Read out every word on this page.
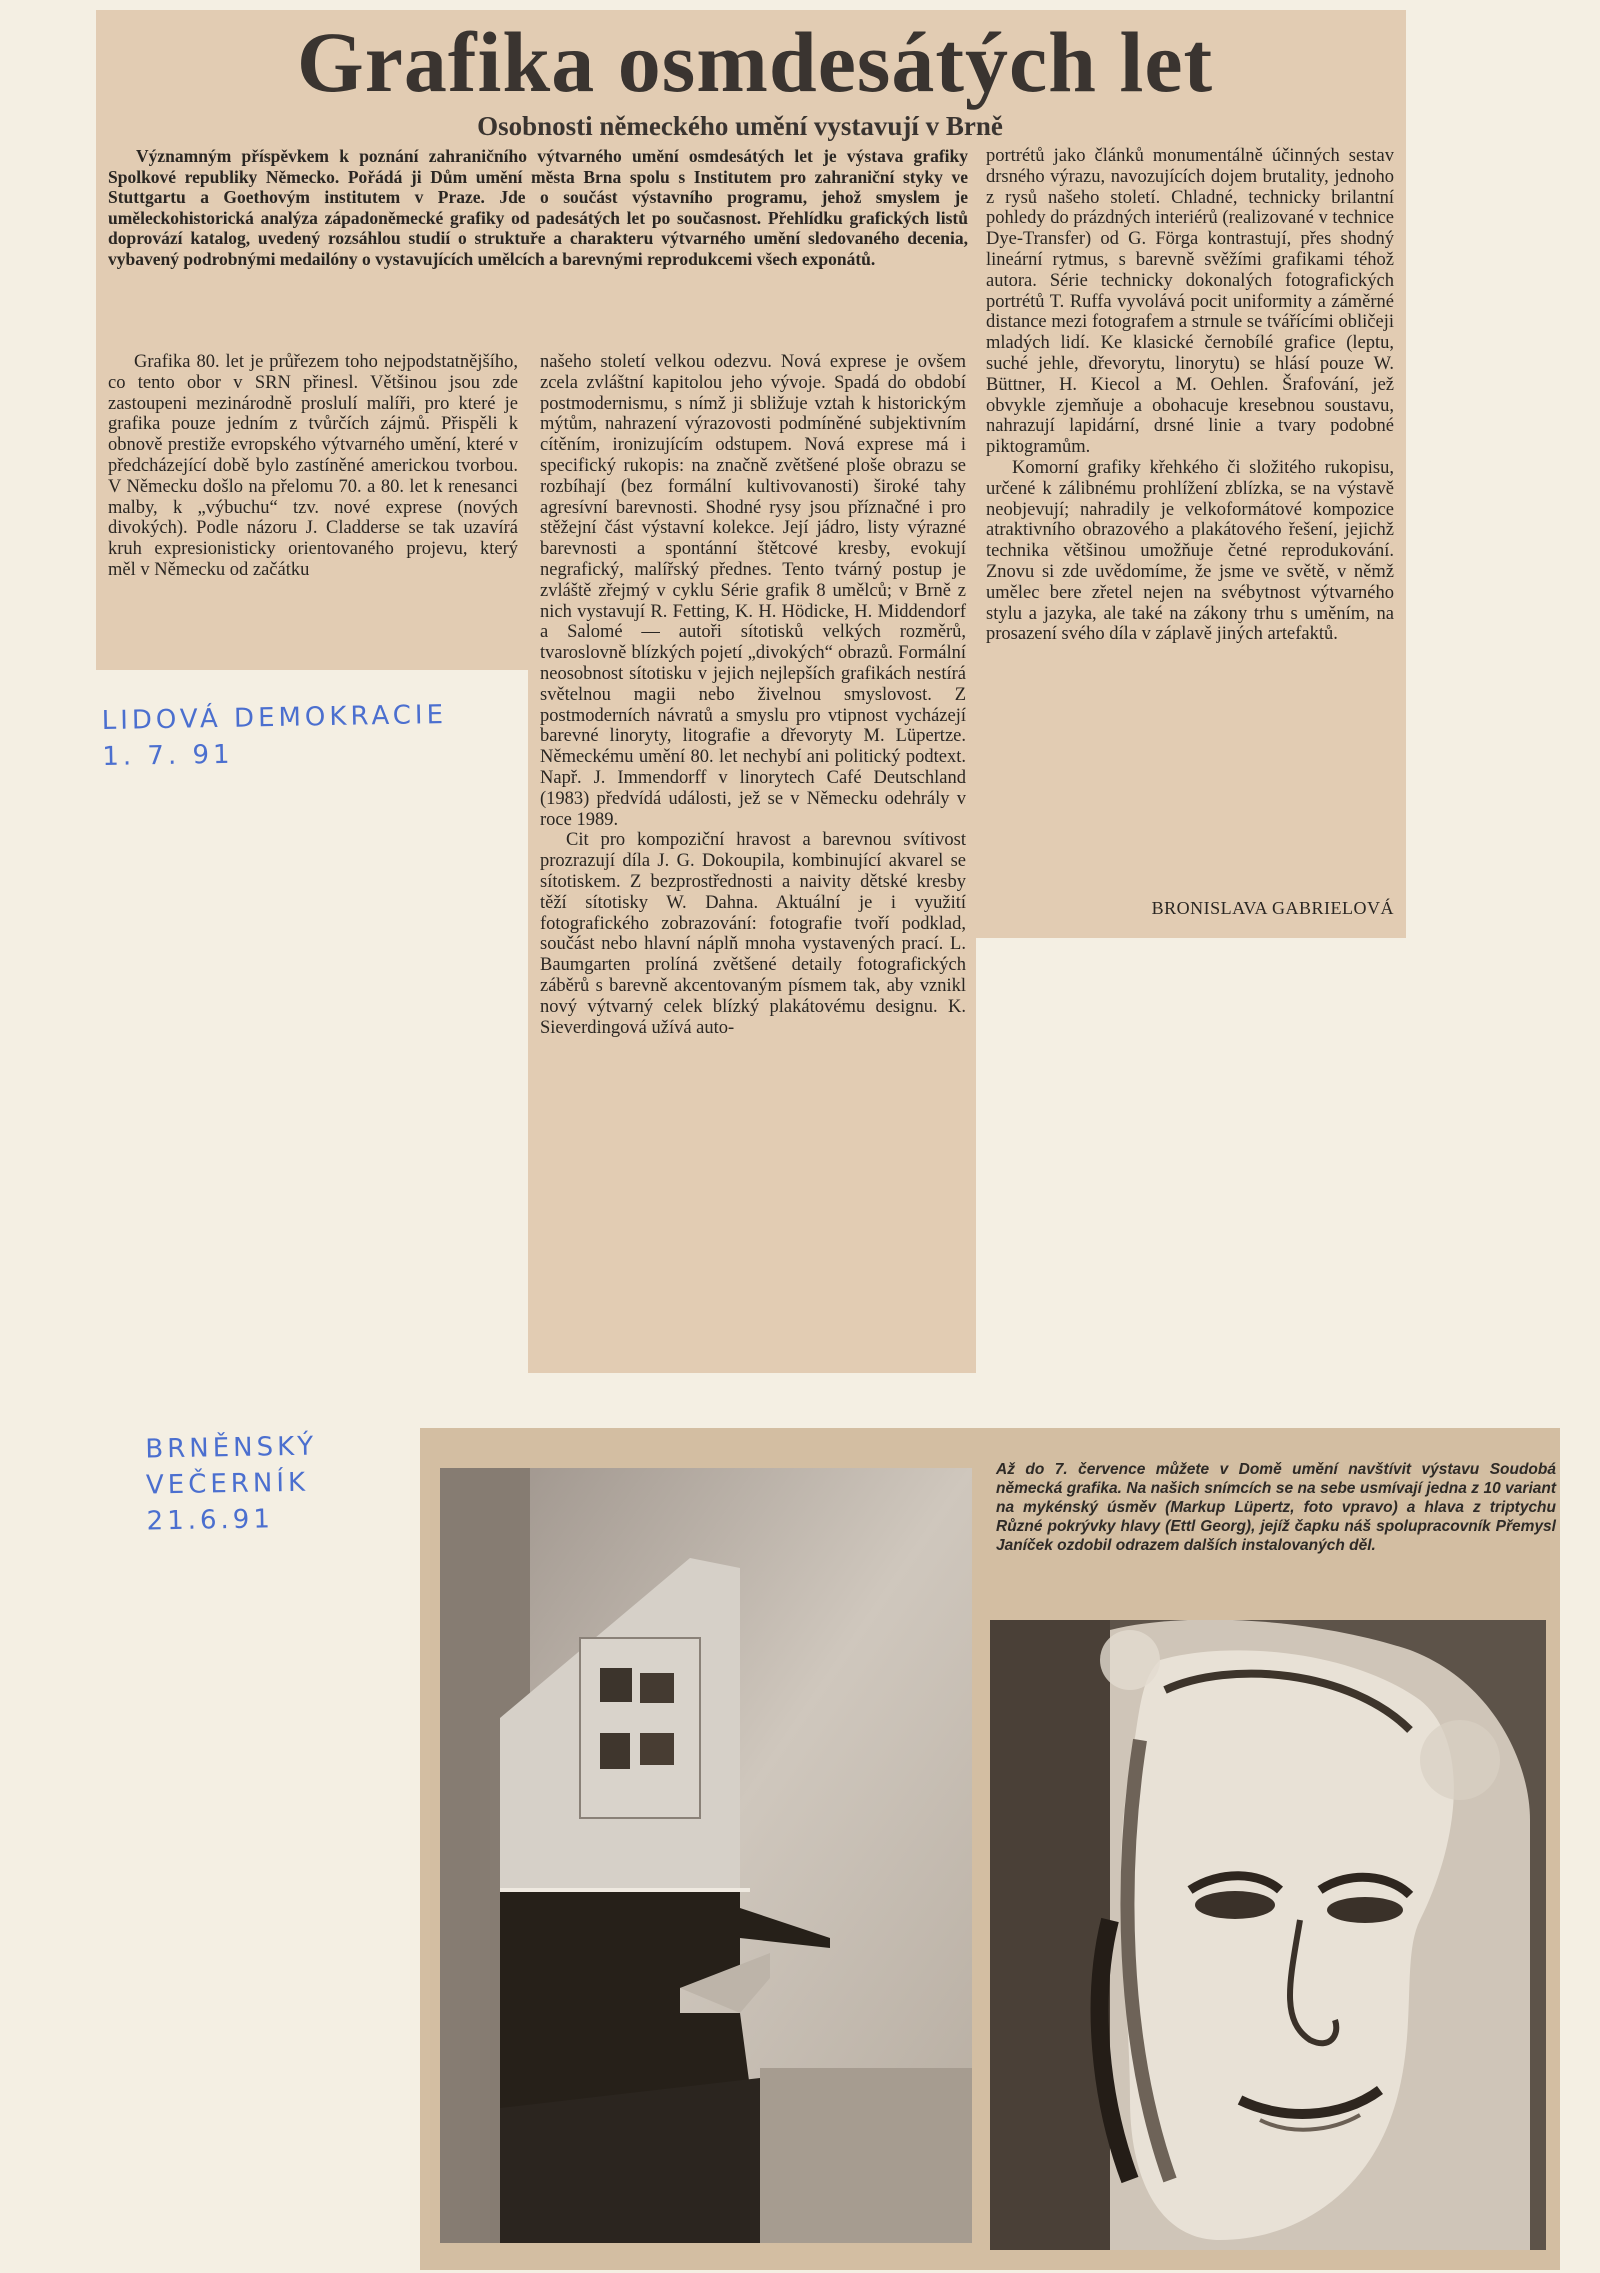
Grafika osmdesátých let
Osobnosti německého umění vystavují v Brně

Významným příspěvkem k poznání zahraničního výtvarného umění osmdesátých let je výstava grafiky Spolkové republiky Německo. Pořádá ji Dům umění města Brna spolu s Institutem pro zahraniční styky ve Stuttgartu a Goethovým institutem v Praze. Jde o součást výstavního programu, jehož smyslem je uměleckohistorická analýza západoněmecké grafiky od padesátých let po současnost. Přehlídku grafických listů doprovází katalog, uvedený rozsáhlou studií o struktuře a charakteru výtvarného umění sledovaného decenia, vybavený podrobnými medailóny o vystavujících umělcích a barevnými reprodukcemi všech exponátů.

Grafika 80. let je průřezem toho nejpodstatnějšího, co tento obor v SRN přinesl. Většinou jsou zde zastoupeni mezinárodně proslulí malíři, pro které je grafika pouze jedním z tvůrčích zájmů. Přispěli k obnově prestiže evropského výtvarného umění, které v předcházející době bylo zastíněné americkou tvorbou. V Německu došlo na přelomu 70. a 80. let k renesanci malby, k „výbuchu“ tzv. nové exprese (nových divokých). Podle názoru J. Cladderse se tak uzavírá kruh expresionisticky orientovaného projevu, který měl v Německu od začátku

našeho století velkou odezvu. Nová exprese je ovšem zcela zvláštní kapitolou jeho vývoje. Spadá do období postmodernismu, s nímž ji sbližuje vztah k historickým mýtům, nahrazení výrazovosti podmíněné subjektivním cítěním, ironizujícím odstupem. Nová exprese má i specifický rukopis: na značně zvětšené ploše obrazu se rozbíhají (bez formální kultivovanosti) široké tahy agresívní barevnosti. Shodné rysy jsou příznačné i pro stěžejní část výstavní kolekce. Její jádro, listy výrazné barevnosti a spontánní štětcové kresby, evokují negrafický, malířský přednes. Tento tvárný postup je zvláště zřejmý v cyklu Série grafik 8 umělců; v Brně z nich vystavují R. Fetting, K. H. Hödicke, H. Middendorf a Salomé — autoři sítotisků velkých rozměrů, tvaroslovně blízkých pojetí „divokých“ obrazů. Formální neosobnost sítotisku v jejich nejlepších grafikách nestírá světelnou magii nebo živelnou smyslovost. Z postmoderních návratů a smyslu pro vtipnost vycházejí barevné linoryty, litografie a dřevoryty M. Lüpertze. Německému umění 80. let nechybí ani politický podtext. Např. J. Immendorff v linorytech Café Deutschland (1983) předvídá události, jež se v Německu odehrály v roce 1989.

Cit pro kompoziční hravost a barevnou svítivost prozrazují díla J. G. Dokoupila, kombinující akvarel se sítotiskem. Z bezprostřednosti a naivity dětské kresby těží sítotisky W. Dahna. Aktuální je i využití fotografického zobrazování: fotografie tvoří podklad, součást nebo hlavní náplň mnoha vystavených prací. L. Baumgarten prolíná zvětšené detaily fotografických záběrů s barevně akcentovaným písmem tak, aby vznikl nový výtvarný celek blízký plakátovému designu. K. Sieverdingová užívá auto-

portrétů jako článků monumentálně účinných sestav drsného výrazu, navozujících dojem brutality, jednoho z rysů našeho století. Chladné, technicky brilantní pohledy do prázdných interiérů (realizované v technice Dye-Transfer) od G. Förga kontrastují, přes shodný lineární rytmus, s barevně svěžími grafikami téhož autora. Série technicky dokonalých fotografických portrétů T. Ruffa vyvolává pocit uniformity a záměrné distance mezi fotografem a strnule se tvářícími obličeji mladých lidí. Ke klasické černobílé grafice (leptu, suché jehle, dřevorytu, linorytu) se hlásí pouze W. Büttner, H. Kiecol a M. Oehlen. Šrafování, jež obvykle zjemňuje a obohacuje kresebnou soustavu, nahrazují lapidární, drsné linie a tvary podobné piktogramům.

Komorní grafiky křehkého či složitého rukopisu, určené k zálibnému prohlížení zblízka, se na výstavě neobjevují; nahradily je velkoformátové kompozice atraktivního obrazového a plakátového řešení, jejichž technika většinou umožňuje četné reprodukování. Znovu si zde uvědomíme, že jsme ve světě, v němž umělec bere zřetel nejen na svébytnost výtvarného stylu a jazyka, ale také na zákony trhu s uměním, na prosazení svého díla v záplavě jiných artefaktů.

BRONISLAVA GABRIELOVÁ
LIDOVÁ DEMOKRACIE
1. 7. 91
BRNĚNSKÝ
VEČERNÍK
21.6.91

Až do 7. července můžete v Domě umění navštívit výstavu Soudobá německá grafika. Na našich snímcích se na sebe usmívají jedna z 10 variant na mykénský úsměv (Markup Lüpertz, foto vpravo) a hlava z triptychu Různé pokrývky hlavy (Ettl Georg), jejíž čapku náš spolupracovník Přemysl Janíček ozdobil odrazem dalších instalovaných děl.
